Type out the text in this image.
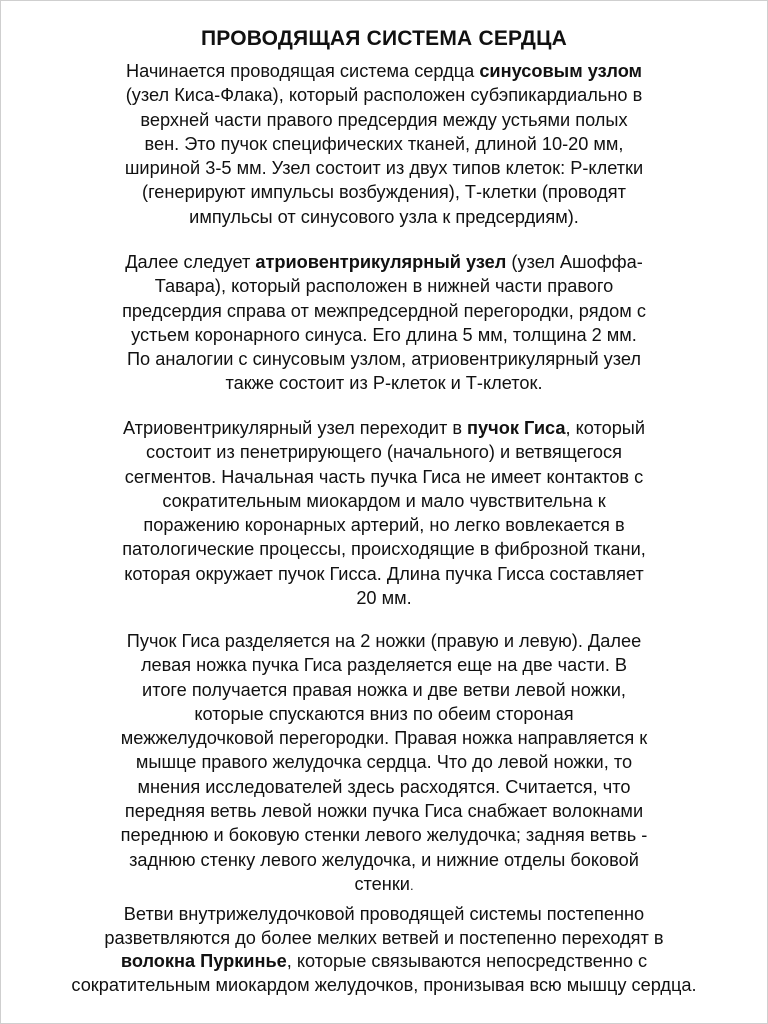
ПРОВОДЯЩАЯ СИСТЕМА СЕРДЦА
Начинается проводящая система сердца синусовым узлом
(узел Киса-Флака), который расположен субэпикардиально в
верхней части правого предсердия между устьями полых
вен. Это пучок специфических тканей, длиной 10-20 мм,
шириной 3-5 мм. Узел состоит из двух типов клеток: Р-клетки
(генерируют импульсы возбуждения), Т-клетки (проводят
импульсы от синусового узла к предсердиям).
Далее следует атриовентрикулярный узел (узел Ашоффа-
Тавара), который расположен в нижней части правого
предсердия справа от межпредсердной перегородки, рядом с
устьем коронарного синуса. Его длина 5 мм, толщина 2 мм.
По аналогии с синусовым узлом, атриовентрикулярный узел
также состоит из Р-клеток и Т-клеток.
Атриовентрикулярный узел переходит в пучок Гиса, который
состоит из пенетрирующего (начального) и ветвящегося
сегментов. Начальная часть пучка Гиса не имеет контактов с
сократительным миокардом и мало чувствительна к
поражению коронарных артерий, но легко вовлекается в
патологические процессы, происходящие в фиброзной ткани,
которая окружает пучок Гисса. Длина пучка Гисса составляет
20 мм.
Пучок Гиса разделяется на 2 ножки (правую и левую). Далее
левая ножка пучка Гиса разделяется еще на две части. В
итоге получается правая ножка и две ветви левой ножки,
которые спускаются вниз по обеим стороная
межжелудочковой перегородки. Правая ножка направляется к
мышце правого желудочка сердца. Что до левой ножки, то
мнения исследователей здесь расходятся. Считается, что
передняя ветвь левой ножки пучка Гиса снабжает волокнами
переднюю и боковую стенки левого желудочка; задняя ветвь -
заднюю стенку левого желудочка, и нижние отделы боковой
стенки.
Ветви внутрижелудочковой проводящей системы постепенно
разветвляются до более мелких ветвей и постепенно переходят в
волокна Пуркинье, которые связываются непосредственно с
сократительным миокардом желудочков, пронизывая всю мышцу сердца.
